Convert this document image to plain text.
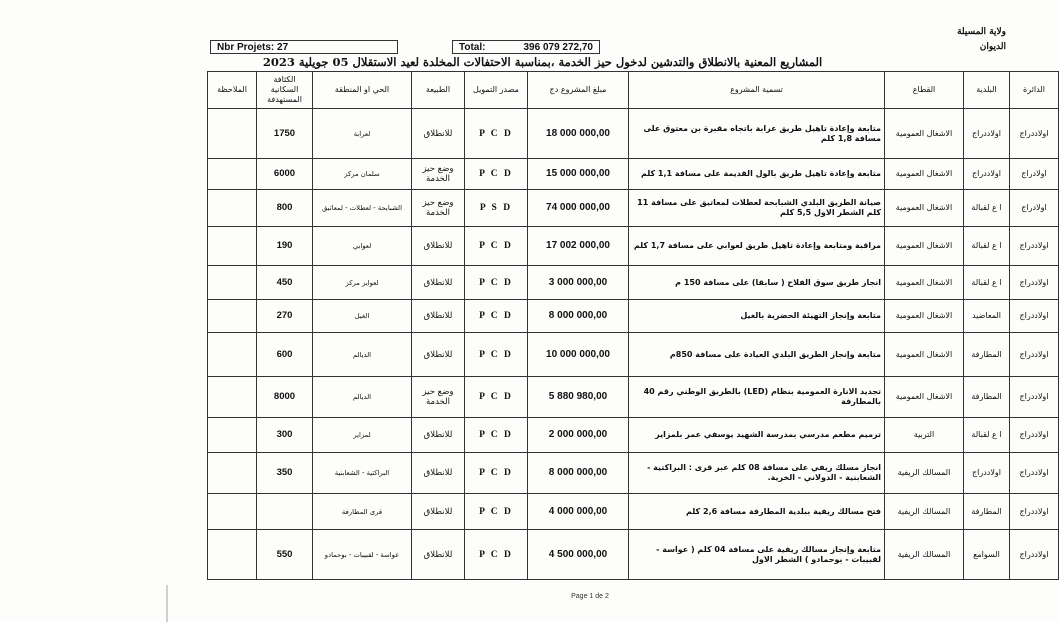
ولاية المسيلة
الديوان
Nbr Projets: 27	Total:	396 079 272,70
المشاريع المعنية بالانطلاق والتدشين لدخول حيز الخدمة ،بمناسبة الاحتفالات المخلدة لعيد الاستقلال 05 جويلية 2023
الدائرة	البلدية	القطاع	تسمية المشروع	مبلغ المشروع دج	مصدر التمويل	الطبيعة	الحي او المنطقة	الكثافة السكانية المستهدفة	الملاحظة
اولاددراج	اولاددراج	الاشغال العمومية	متابعة وإعادة تاهيل طريق عرابة باتجاه مقبرة بن معتوق على مسافة 1,8 كلم	18 000 000,00	P C D	للانطلاق	لعرابة	1750	
اولادراج	اولاددراج	الاشغال العمومية	متابعة وإعادة تاهيل طريق بالول القديمة على مسافة 1,1 كلم	15 000 000,00	P C D	وضع حيز الخدمة	سلمان مركز	6000	
اولادراج	ا ع لقبالة	الاشغال العمومية	صيانة الطريق البلدي الشبابحة لعطلات لمعاتيق على مسافة 11 كلم الشطر الاول 5,5 كلم	74 000 000,00	P S D	وضع حيز الخدمة	الشبابحة - لعطلات - لمعاتيق	800	
اولاددراج	ا ع لقبالة	الاشغال العمومية	مراقبة ومتابعة وإعادة تاهيل طريق لعوابي على مسافة 1,7 كلم	17 002 000,00	P C D	للانطلاق	لعوابي	190	
اولاددراج	ا ع لقبالة	الاشغال العمومية	انجاز طريق سوق الفلاح ( سابقا) على مسافة 150 م	3 000 000,00	P C D	للانطلاق	لعوايز مركز	450	
اولاددراج	المعاضيد	الاشغال العمومية	متابعة وإنجاز التهيئة الحضرية بالغيل	8 000 000,00	P C D	للانطلاق	الغيل	270	
اولاددراج	المطارفة	الاشغال العمومية	متابعة وإنجاز الطريق البلدي العيادة على مسافة 850م	10 000 000,00	P C D	للانطلاق	الديالم	600	
اولاددراج	المطارفة	الاشغال العمومية	تجديد الانارة العمومية بنظام (LED) بالطريق الوطني رقم 40 بالمطارفة	5 880 980,00	P C D	وضع حيز الخدمة	الديالم	8000	
اولاددراج	ا ع لقبالة	التربية	ترميم مطعم مدرسي بمدرسة الشهيد يوسفي عمر بلمزاير	2 000 000,00	P C D	للانطلاق	لمزاير	300	
اولاددراج	اولاددراج	المسالك الريفية	انجاز مسلك ريفي على مسافة 08 كلم عبر قرى : البراكتية - الشعابنية - الدولاني - الخرية.	8 000 000,00	P C D	للانطلاق	البراكتية - الشعابنية	350	
اولاددراج	المطارفة	المسالك الريفية	فتح مسالك ريفية ببلدية المطارفة مسافة 2,6 كلم	4 000 000,00	P C D	للانطلاق	قرى المطارفة		
اولاددراج	السوامع	المسالك الريفية	متابعة وإنجاز مسالك ريفية على مسافة 04 كلم ( عواسة - لقبيبات - بوحمادو ) الشطر الاول	4 500 000,00	P C D	للانطلاق	عواسة - لقبيبات - بوحمادو	550	
Page 1 de 2
